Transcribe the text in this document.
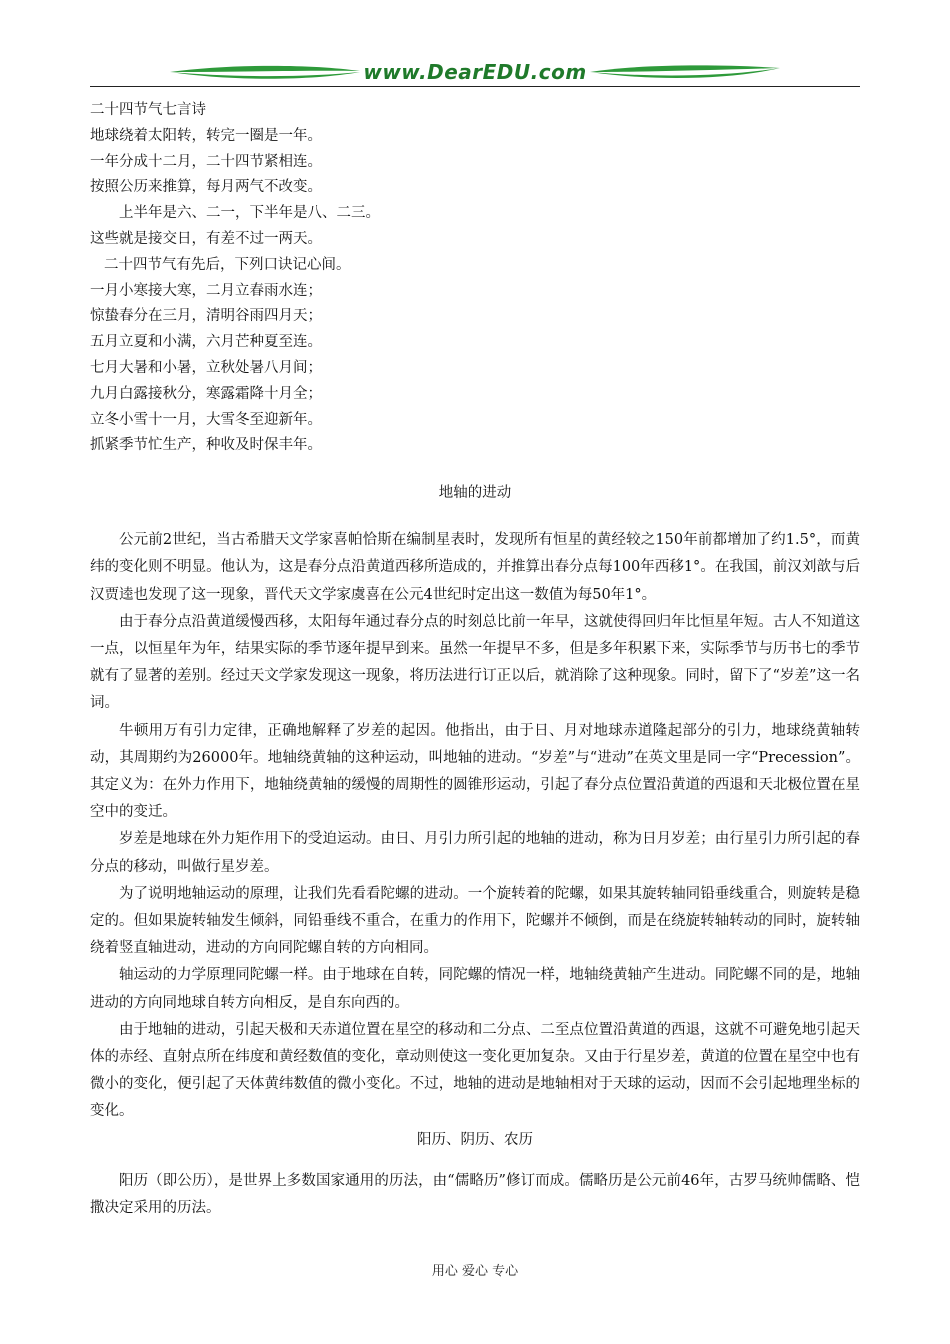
www.DearEDU.com
二十四节气七言诗
地球绕着太阳转，转完一圈是一年。
一年分成十二月，二十四节紧相连。
按照公历来推算，每月两气不改变。
上半年是六、二一，下半年是八、二三。
这些就是接交日，有差不过一两天。
二十四节气有先后，下列口诀记心间。
一月小寒接大寒，二月立春雨水连；
惊蛰春分在三月，清明谷雨四月天；
五月立夏和小满，六月芒种夏至连。
七月大暑和小暑，立秋处暑八月间；
九月白露接秋分，寒露霜降十月全；
立冬小雪十一月，大雪冬至迎新年。
抓紧季节忙生产，种收及时保丰年。
地轴的进动

公元前2世纪，当古希腊天文学家喜帕恰斯在编制星表时，发现所有恒星的黄经较之150年前都增加了约1.5°，而黄纬的变化则不明显。他认为，这是春分点沿黄道西移所造成的，并推算出春分点每100年西移1°。在我国，前汉刘歆与后汉贾逵也发现了这一现象，晋代天文学家虞喜在公元4世纪时定出这一数值为每50年1°。

由于春分点沿黄道缓慢西移，太阳每年通过春分点的时刻总比前一年早，这就使得回归年比恒星年短。古人不知道这一点，以恒星年为年，结果实际的季节逐年提早到来。虽然一年提早不多，但是多年积累下来，实际季节与历书七的季节就有了显著的差别。经过天文学家发现这一现象，将历法进行订正以后，就消除了这种现象。同时，留下了“岁差”这一名词。

牛顿用万有引力定律，正确地解释了岁差的起因。他指出，由于日、月对地球赤道隆起部分的引力，地球绕黄轴转动，其周期约为26000年。地轴绕黄轴的这种运动，叫地轴的进动。“岁差”与“进动”在英文里是同一字“Precession”。其定义为：在外力作用下，地轴绕黄轴的缓慢的周期性的圆锥形运动，引起了春分点位置沿黄道的西退和天北极位置在星空中的变迁。

岁差是地球在外力矩作用下的受迫运动。由日、月引力所引起的地轴的进动，称为日月岁差；由行星引力所引起的春分点的移动，叫做行星岁差。

为了说明地轴运动的原理，让我们先看看陀螺的进动。一个旋转着的陀螺，如果其旋转轴同铅垂线重合，则旋转是稳定的。但如果旋转轴发生倾斜，同铅垂线不重合，在重力的作用下，陀螺并不倾倒，而是在绕旋转轴转动的同时，旋转轴绕着竖直轴进动，进动的方向同陀螺自转的方向相同。

轴运动的力学原理同陀螺一样。由于地球在自转，同陀螺的情况一样，地轴绕黄轴产生进动。同陀螺不同的是，地轴进动的方向同地球自转方向相反，是自东向西的。

由于地轴的进动，引起天极和天赤道位置在星空的移动和二分点、二至点位置沿黄道的西退，这就不可避免地引起天体的赤经、直射点所在纬度和黄经数值的变化，章动则使这一变化更加复杂。又由于行星岁差，黄道的位置在星空中也有微小的变化，便引起了天体黄纬数值的微小变化。不过，地轴的进动是地轴相对于天球的运动，因而不会引起地理坐标的变化。

阳历、阴历、农历

阳历（即公历），是世界上多数国家通用的历法，由“儒略历”修订而成。儒略历是公元前46年，古罗马统帅儒略、恺撒决定采用的历法。

用心 爱心 专心
